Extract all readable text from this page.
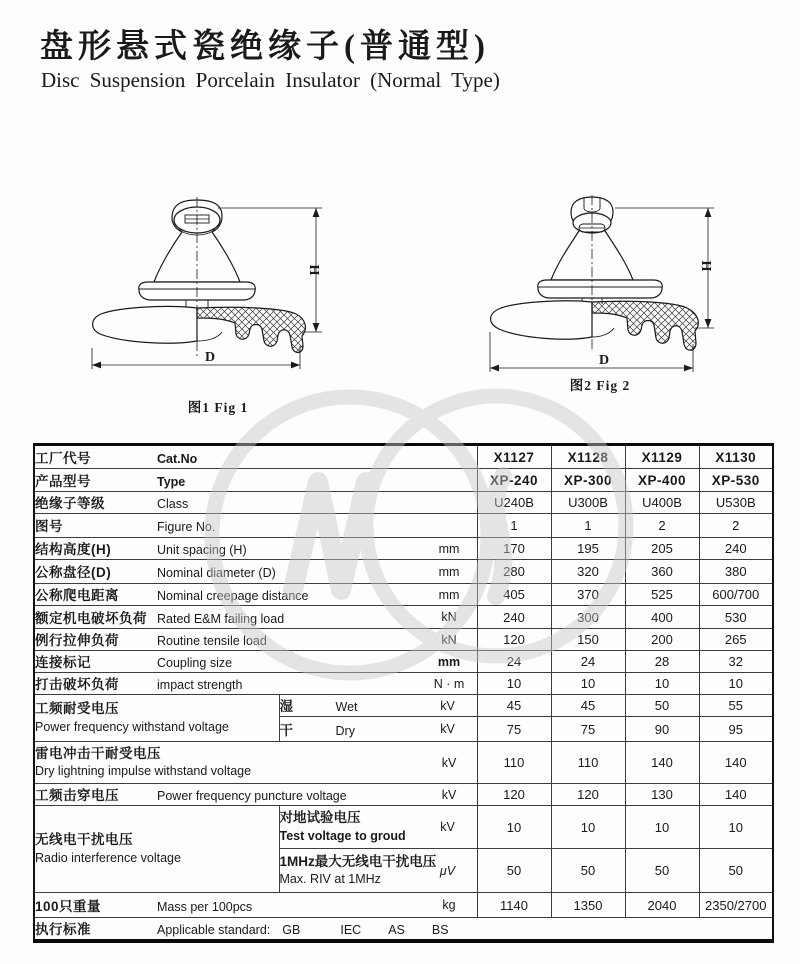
盘形悬式瓷绝缘子(普通型)
Disc Suspension Porcelain Insulator (Normal Type)
H
D
图1 Fig 1
H
D
图2 Fig 2
工厂代号 Cat.No		X1127	X1128	X1129	X1130
产品型号 Type		XP-240	XP-300	XP-400	XP-530
绝缘子等级 Class		U240B	U300B	U400B	U530B
图号 Figure No.		1	1	2	2
结构高度(H) Unit spacing (H) mm		170	195	205	240
公称盘径(D) Nominal diameter (D) mm		280	320	360	380
公称爬电距离 Nominal creepage distance mm		405	370	525	600/700
额定机电破坏负荷 Rated E&M failing load kN		240	300	400	530
例行拉伸负荷 Routine tensile load kN		120	150	200	265
连接标记 Coupling size mm		24	24	28	32
打击破坏负荷 impact strength N · m		10	10	10	10

工频耐受电压
Power frequency withstand voltage	湿 Wet kV	45	45	50	55
	干 Dry kV	75	75	90	95

雷电冲击干耐受电压
Dry lightning impulse withstand voltage
kV		110	110	140	140
工频击穿电压 Power frequency puncture voltage kV		120	120	130	140

无线电干扰电压
Radio interference voltage	对地试验电压
Test voltage to groud
kV	10	10	10	10

	1MHz最大无线电干扰电压
Max. RIV at 1MHz
μV	50	50	50	50
100只重量 Mass per 100pcs kg		1140	1350	2040	2350/2700
执行标准 Applicable standard: GB IEC AS BS					
